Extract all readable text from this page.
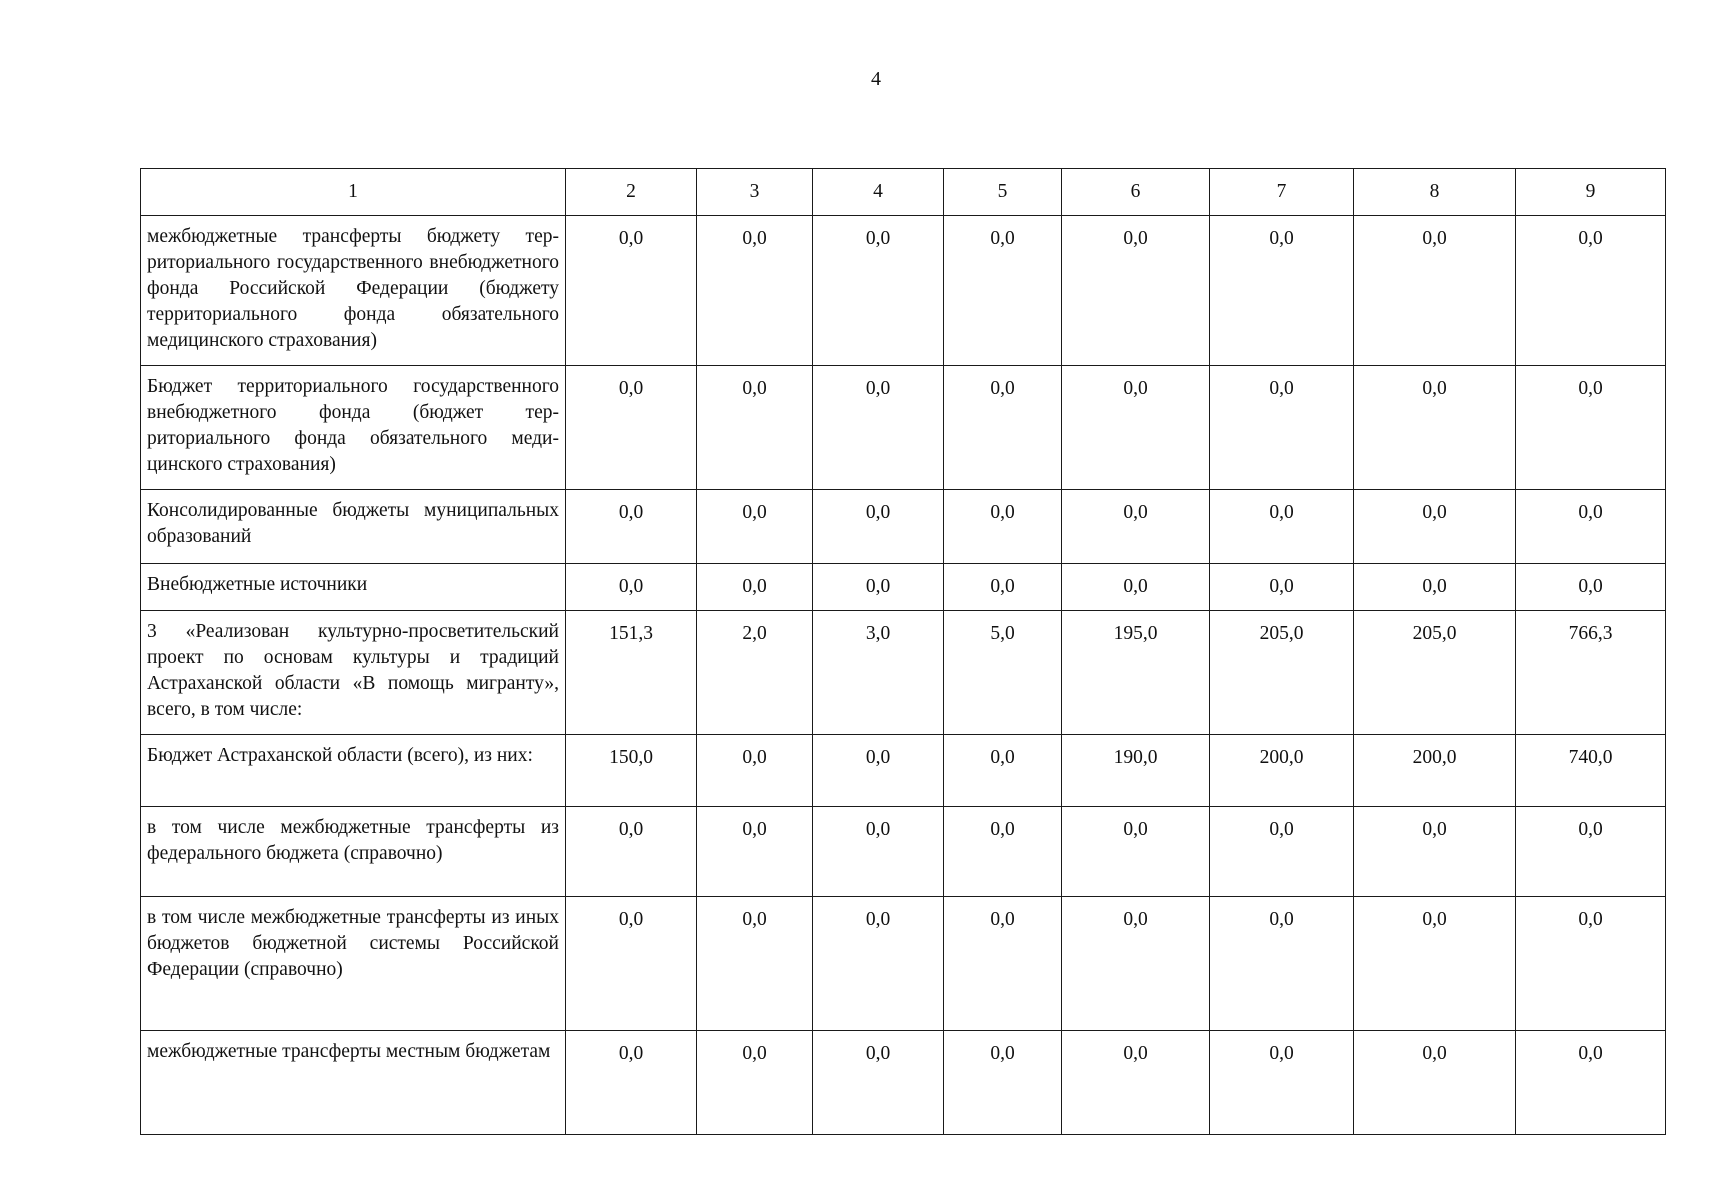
4
1	2	3	4	5	6	7	8	9
межбюджетные трансферты бюджету территориального государственного внебюджетного фонда Российской Федерации (бюджету территориального фонда обязательного медицинского страхования)	0,0	0,0	0,0	0,0	0,0	0,0	0,0	0,0
Бюджет территориального государственного внебюджетного фонда (бюджет территориального фонда обязательного медицинского страхования)	0,0	0,0	0,0	0,0	0,0	0,0	0,0	0,0
Консолидированные бюджеты муниципальных образований	0,0	0,0	0,0	0,0	0,0	0,0	0,0	0,0
Внебюджетные источники	0,0	0,0	0,0	0,0	0,0	0,0	0,0	0,0
3 «Реализован культурно-просветительский проект по основам культуры и традиций Астраханской области «В помощь мигранту», всего, в том числе:	151,3	2,0	3,0	5,0	195,0	205,0	205,0	766,3
Бюджет Астраханской области (всего), из них:	150,0	0,0	0,0	0,0	190,0	200,0	200,0	740,0
в том числе межбюджетные трансферты из федерального бюджета (справочно)	0,0	0,0	0,0	0,0	0,0	0,0	0,0	0,0
в том числе межбюджетные трансферты из иных бюджетов бюджетной системы Российской Федерации (справочно)	0,0	0,0	0,0	0,0	0,0	0,0	0,0	0,0
межбюджетные трансферты местным бюджетам	0,0	0,0	0,0	0,0	0,0	0,0	0,0	0,0
